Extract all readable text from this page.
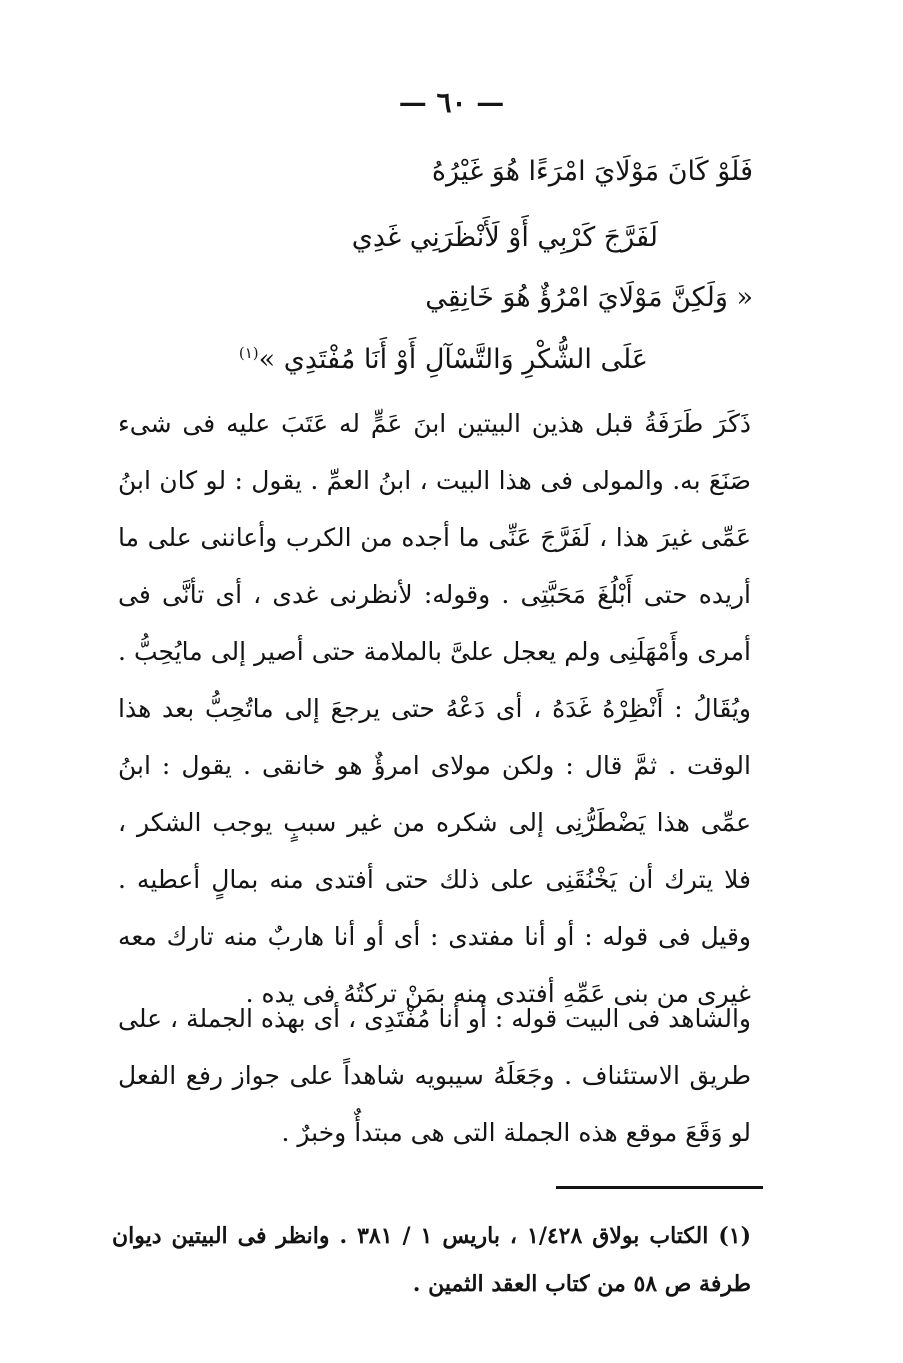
— ٦٠ —
فَلَوْ كَانَ مَوْلَايَ امْرَءًا هُوَ غَيْرُهُ
لَفَرَّجَ كَرْبِي أَوْ لَأَنْظَرَنِي غَدِي
« وَلَكِنَّ مَوْلَايَ امْرُؤٌ هُوَ خَانِقِي
عَلَى الشُّكْرِ وَالتَّسْآلِ أَوْ أَنَا مُفْتَدِي »$^{(١)}$
ذَكَرَ طَرَفَةُ قبل هذين البيتين ابنَ عَمٍّ له عَتَبَ عليه فى شىء صَنَعَ به. والمولى فى هذا البيت ، ابنُ العمِّ . يقول : لو كان ابنُ عَمِّى غيرَ هذا ، لَفَرَّجَ عَنِّى ما أجده من الكرب وأعاننى على ما أريده حتى أَبْلُغَ مَحَبَّتِى . وقوله: لأنظرنى غدى ، أى تأنَّى فى أمرى وأَمْهَلَنِى ولم يعجل علىَّ بالملامة حتى أصير إلى مايُحِبُّ . ويُقَالُ : أَنْظِرْهُ غَدَهُ ، أى دَعْهُ حتى يرجعَ إلى ماتُحِبُّ بعد هذا الوقت . ثمَّ قال : ولكن مولاى امرؤٌ هو خانقى . يقول : ابنُ عمِّى هذا يَضْطَرُّنِى إلى شكره من غير سببٍ يوجب الشكر ، فلا يترك أن يَخْنُقَنِى على ذلك حتى أفتدى منه بمالٍ أعطيه . وقيل فى قوله : أو أنا مفتدى : أى أو أنا هاربٌ منه تارك معه غيرى من بنى عَمِّهِ أفتدى منه بمَنْ تركتُهُ فى يده .
والشاهد فى البيت قوله : أو أنا مُفْتَدِى ، أى بهذه الجملة ، على طريق الاستئناف . وجَعَلَهُ سيبويه شاهداً على جواز رفع الفعل لو وَقَعَ موقع هذه الجملة التى هى مبتدأٌ وخبرٌ .
(١) الكتاب بولاق ١/٤٢٨ ، باريس ١ / ٣٨١ . وانظر فى البيتين ديوان طرفة ص ٥٨ من كتاب العقد الثمين .
